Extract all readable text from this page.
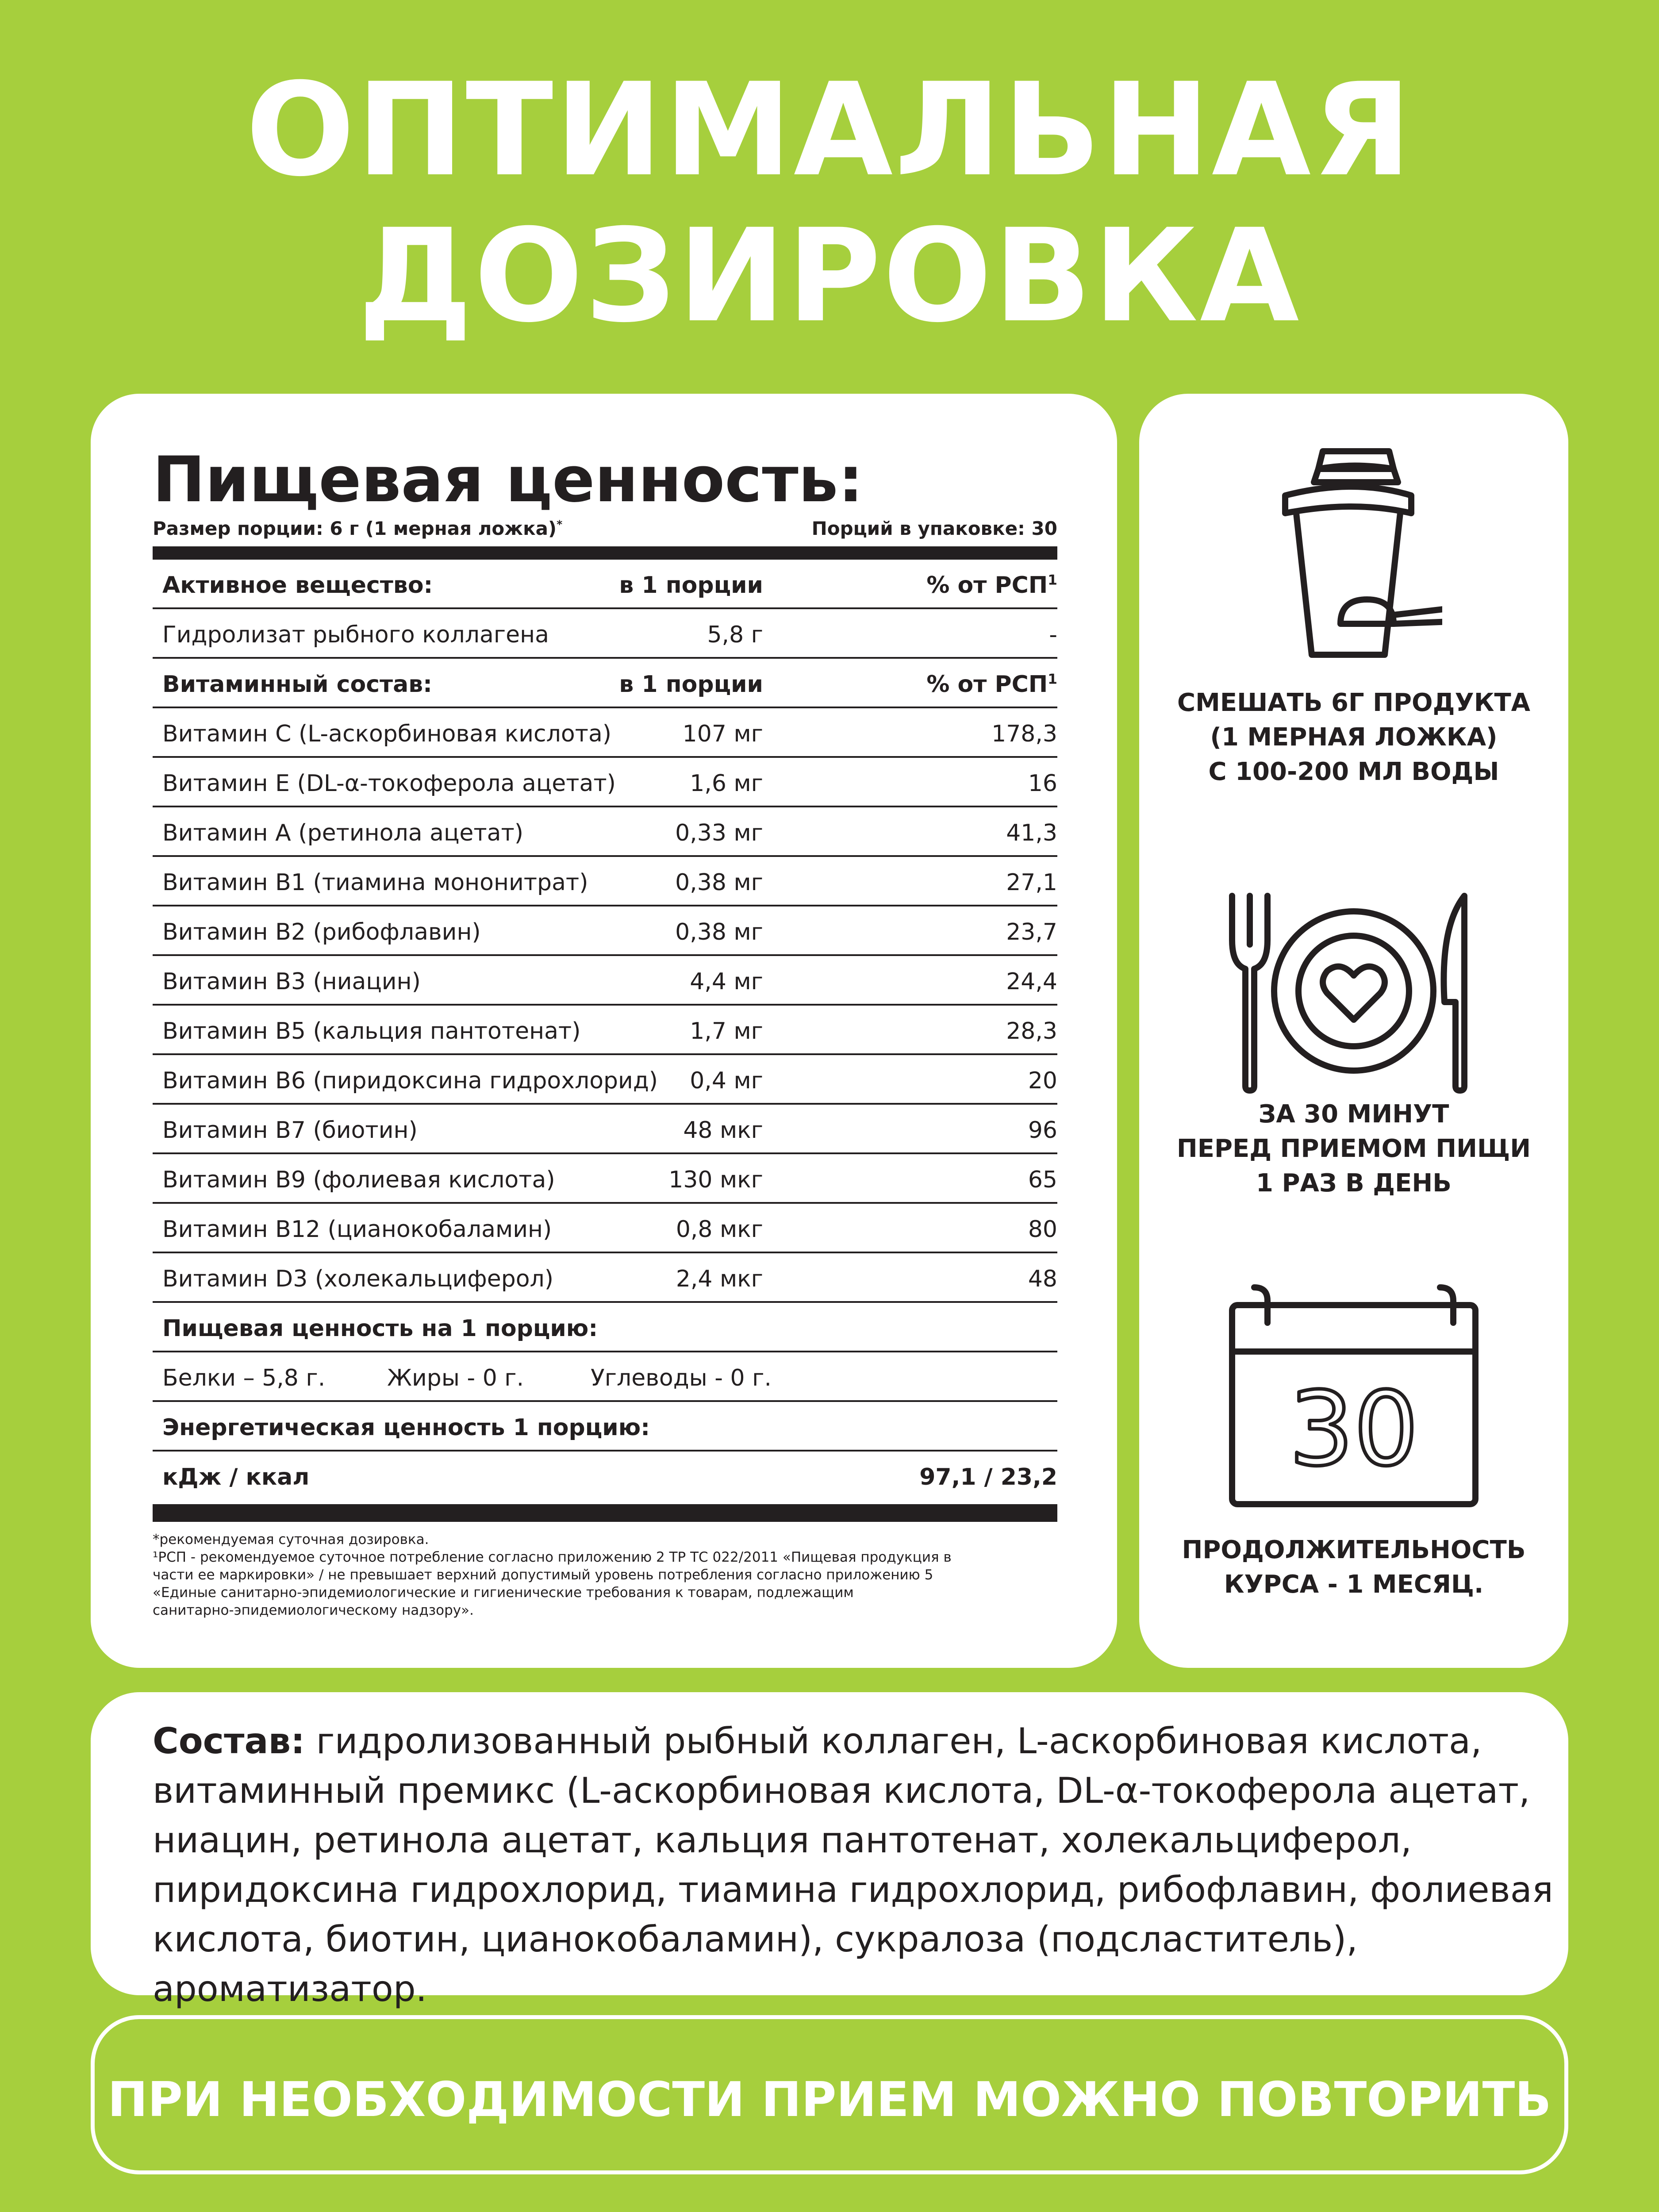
ОПТИМАЛЬНАЯ
ДОЗИРОВКА
Пищевая ценность:
Размер порции: 6 г (1 мерная ложка)*	Порций в упаковке: 30
Активное вещество:	в 1 порции	% от РСП$^1$
Гидролизат рыбного коллагена	5,8 г	-
Витаминный состав:	в 1 порции	% от РСП$^1$
Витамин C (L-аскорбиновая кислота)	107 мг	178,3
Витамин E (DL-α-токоферола ацетат)	1,6 мг	16
Витамин A (ретинола ацетат)	0,33 мг	41,3
Витамин B1 (тиамина мононитрат)	0,38 мг	27,1
Витамин B2 (рибофлавин)	0,38 мг	23,7
Витамин B3 (ниацин)	4,4 мг	24,4
Витамин B5 (кальция пантотенат)	1,7 мг	28,3
Витамин B6 (пиридоксина гидрохлорид) 0,4 мг	20
Витамин B7 (биотин)	48 мкг	96
Витамин B9 (фолиевая кислота)	130 мкг	65
Витамин B12 (цианокобаламин)	0,8 мкг	80
Витамин D3 (холекальциферол)	2,4 мкг	48
Пищевая ценность на 1 порцию:
Белки – 5,8 г.	Жиры - 0 г.	Углеводы - 0 г.
Энергетическая ценность 1 порцию:
кДж / ккал	97,1 / 23,2
*рекомендуемая суточная дозировка.
¹РСП - рекомендуемое суточное потребление согласно приложению 2 ТР ТС 022/2011 «Пищевая продукция в
части ее маркировки» / не превышает верхний допустимый уровень потребления согласно приложению 5
«Единые санитарно-эпидемиологические и гигиенические требования к товарам, подлежащим
санитарно-эпидемиологическому надзору».
СМЕШАТЬ 6Г ПРОДУКТА
(1 МЕРНАЯ ЛОЖКА)
С 100-200 МЛ ВОДЫ
ЗА 30 МИНУТ
ПЕРЕД ПРИЕМОМ ПИЩИ
1 РАЗ В ДЕНЬ
30
ПРОДОЛЖИТЕЛЬНОСТЬ
КУРСА - 1 МЕСЯЦ.
Состав: гидролизованный рыбный коллаген, L-аскорбиновая кислота,
витаминный премикс (L-аскорбиновая кислота, DL-α-токоферола ацетат,
ниацин, ретинола ацетат, кальция пантотенат, холекальциферол,
пиридоксина гидрохлорид, тиамина гидрохлорид, рибофлавин, фолиевая
кислота, биотин, цианокобаламин), сукралоза (подсластитель),
ароматизатор.
ПРИ НЕОБХОДИМОСТИ ПРИЕМ МОЖНО ПОВТОРИТЬ
